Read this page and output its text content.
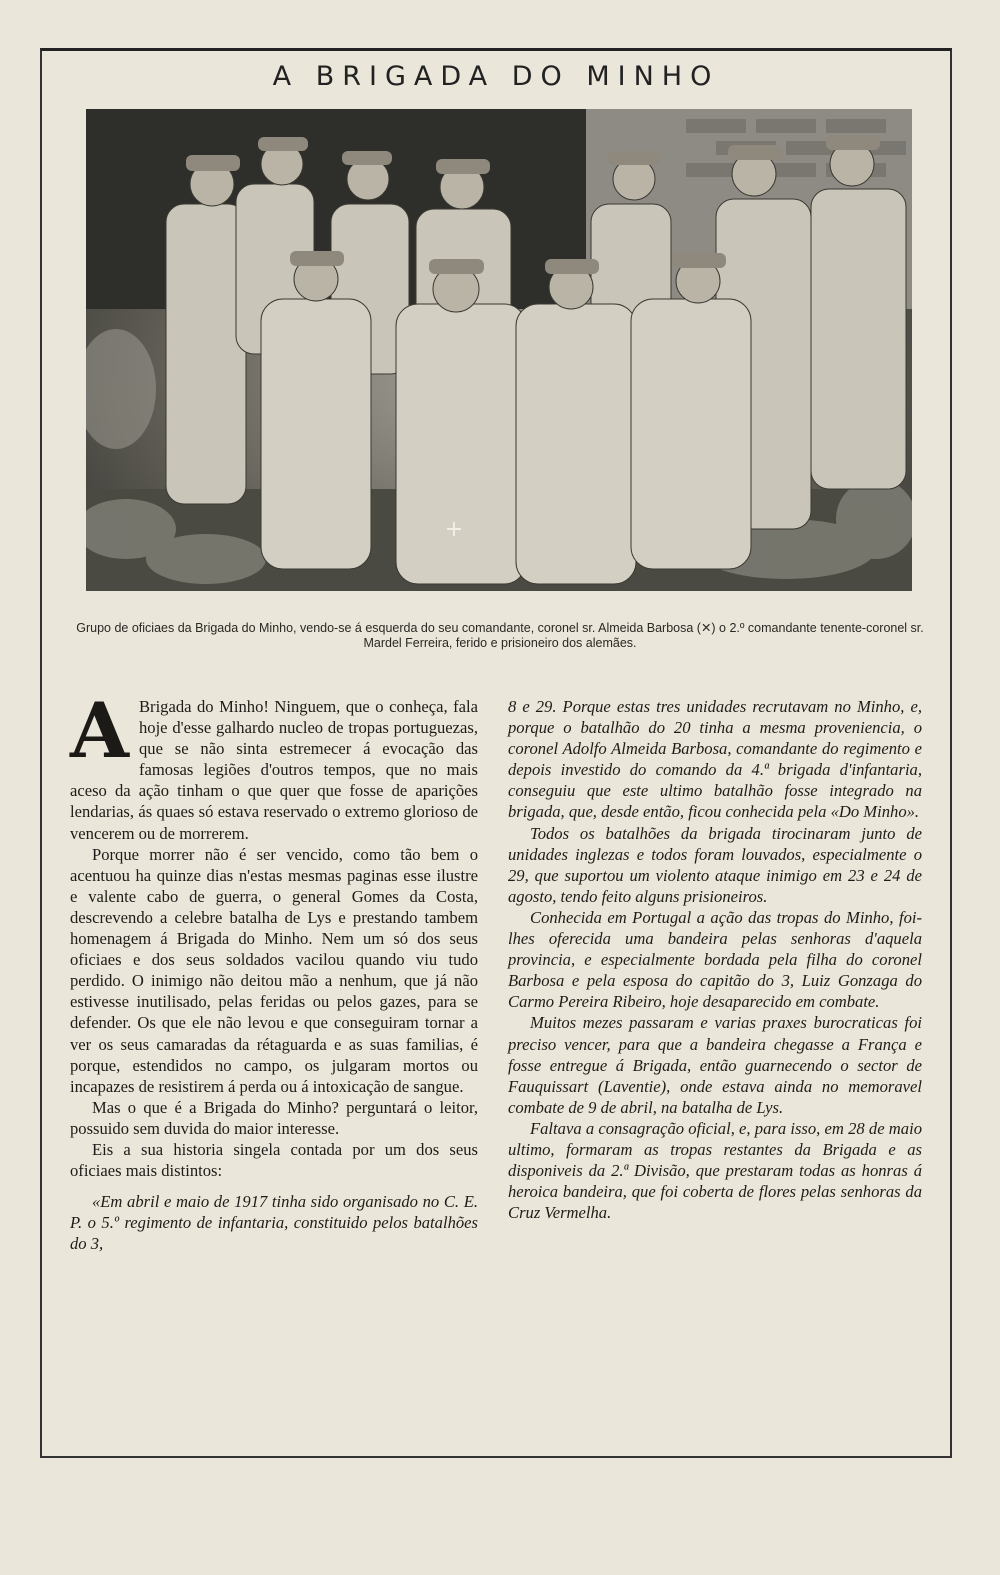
A BRIGADA DO MINHO
Grupo de oficiaes da Brigada do Minho, vendo-se á esquerda do seu comandante, coronel sr. Almeida Barbosa (✕) o 2.º comandante tenente-coronel sr. Mardel Ferreira, ferido e prisioneiro dos alemães.

A Brigada do Minho! Ninguem, que o conheça, fala hoje d'esse galhardo nucleo de tropas portuguezas, que se não sinta estremecer á evocação das famosas legiões d'outros tempos, que no mais aceso da ação tinham o que quer que fosse de aparições lendarias, ás quaes só estava reservado o extremo glorioso de vencerem ou de morrerem.

Porque morrer não é ser vencido, como tão bem o acentuou ha quinze dias n'estas mesmas paginas esse ilustre e valente cabo de guerra, o general Gomes da Costa, descrevendo a celebre batalha de Lys e prestando tambem homenagem á Brigada do Minho. Nem um só dos seus oficiaes e dos seus soldados vacilou quando viu tudo perdido. O inimigo não deitou mão a nenhum, que já não estivesse inutilisado, pelas feridas ou pelos gazes, para se defender. Os que ele não levou e que conseguiram tornar a ver os seus camaradas da rétaguarda e as suas familias, é porque, estendidos no campo, os julgaram mortos ou incapazes de resistirem á perda ou á intoxicação de sangue.

Mas o que é a Brigada do Minho? perguntará o leitor, possuido sem duvida do maior interesse.

Eis a sua historia singela contada por um dos seus oficiaes mais distintos:

«Em abril e maio de 1917 tinha sido organisado no C. E. P. o 5.º regimento de infantaria, constituido pelos batalhões do 3,

8 e 29. Porque estas tres unidades recrutavam no Minho, e, porque o batalhão do 20 tinha a mesma proveniencia, o coronel Adolfo Almeida Barbosa, comandante do regimento e depois investido do comando da 4.ª brigada d'infantaria, conseguiu que este ultimo batalhão fosse integrado na brigada, que, desde então, ficou conhecida pela «Do Minho».

Todos os batalhões da brigada tirocinaram junto de unidades inglezas e todos foram louvados, especialmente o 29, que suportou um violento ataque inimigo em 23 e 24 de agosto, tendo feito alguns prisioneiros.

Conhecida em Portugal a ação das tropas do Minho, foi-lhes oferecida uma bandeira pelas senhoras d'aquela provincia, e especialmente bordada pela filha do coronel Barbosa e pela esposa do capitão do 3, Luiz Gonzaga do Carmo Pereira Ribeiro, hoje desaparecido em combate.

Muitos mezes passaram e varias praxes burocraticas foi preciso vencer, para que a bandeira chegasse a França e fosse entregue á Brigada, então guarnecendo o sector de Fauquissart (Laventie), onde estava ainda no memoravel combate de 9 de abril, na batalha de Lys.

Faltava a consagração oficial, e, para isso, em 28 de maio ultimo, formaram as tropas restantes da Brigada e as disponiveis da 2.ª Divisão, que prestaram todas as honras á heroica bandeira, que foi coberta de flores pelas senhoras da Cruz Vermelha.
